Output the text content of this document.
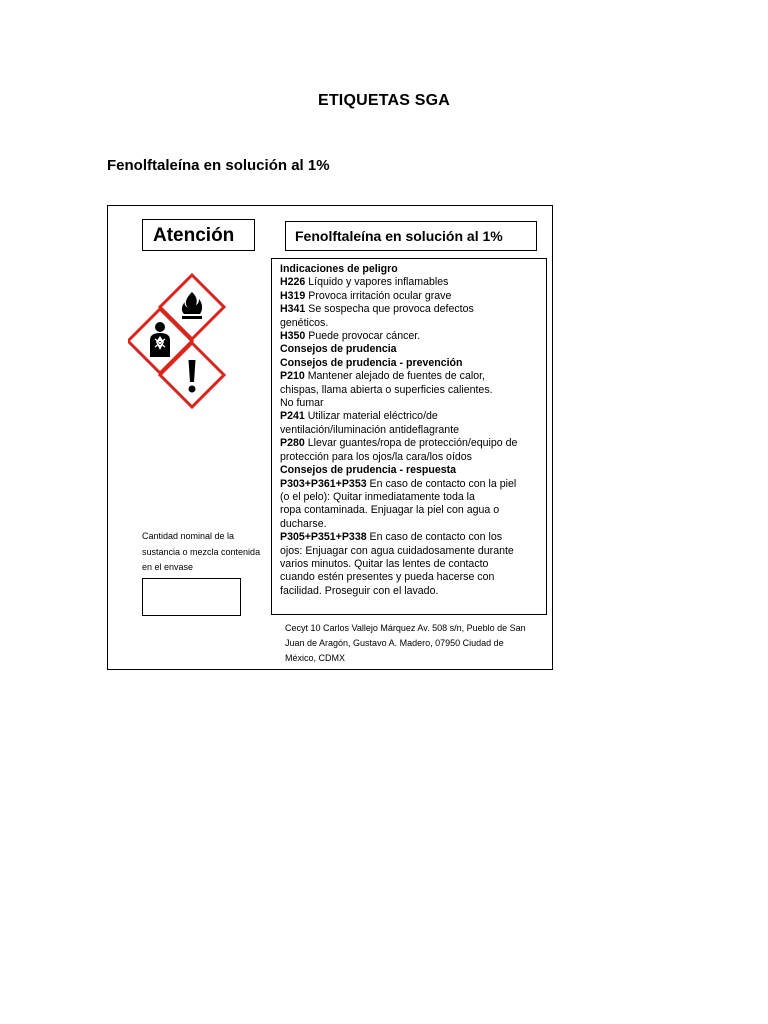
ETIQUETAS SGA
Fenolftaleína en solución al 1%
Atención	Fenolftaleína en solución al 1%
Indicaciones de peligro
H226 Líquido y vapores inflamables
H319 Provoca irritación ocular grave
H341 Se sospecha que provoca defectos
genéticos.
H350 Puede provocar cáncer.
Consejos de prudencia
Consejos de prudencia - prevención
P210 Mantener alejado de fuentes de calor,
chispas, llama abierta o superficies calientes.
No fumar
P241 Utilizar material eléctrico/de
ventilación/iluminación antideflagrante
P280 Llevar guantes/ropa de protección/equipo de
protección para los ojos/la cara/los oídos
Consejos de prudencia - respuesta
P303+P361+P353 En caso de contacto con la piel
(o el pelo): Quitar inmediatamente toda la
ropa contaminada. Enjuagar la piel con agua o
ducharse.
P305+P351+P338 En caso de contacto con los
ojos: Enjuagar con agua cuidadosamente durante
varios minutos. Quitar las lentes de contacto
cuando estén presentes y pueda hacerse con
facilidad. Proseguir con el lavado.
Cantidad nominal de la sustancia o mezcla contenida en el envase
Cecyt 10 Carlos Vallejo Márquez Av. 508 s/n, Pueblo de San Juan de Aragón, Gustavo A. Madero, 07950 Ciudad de México, CDMX
